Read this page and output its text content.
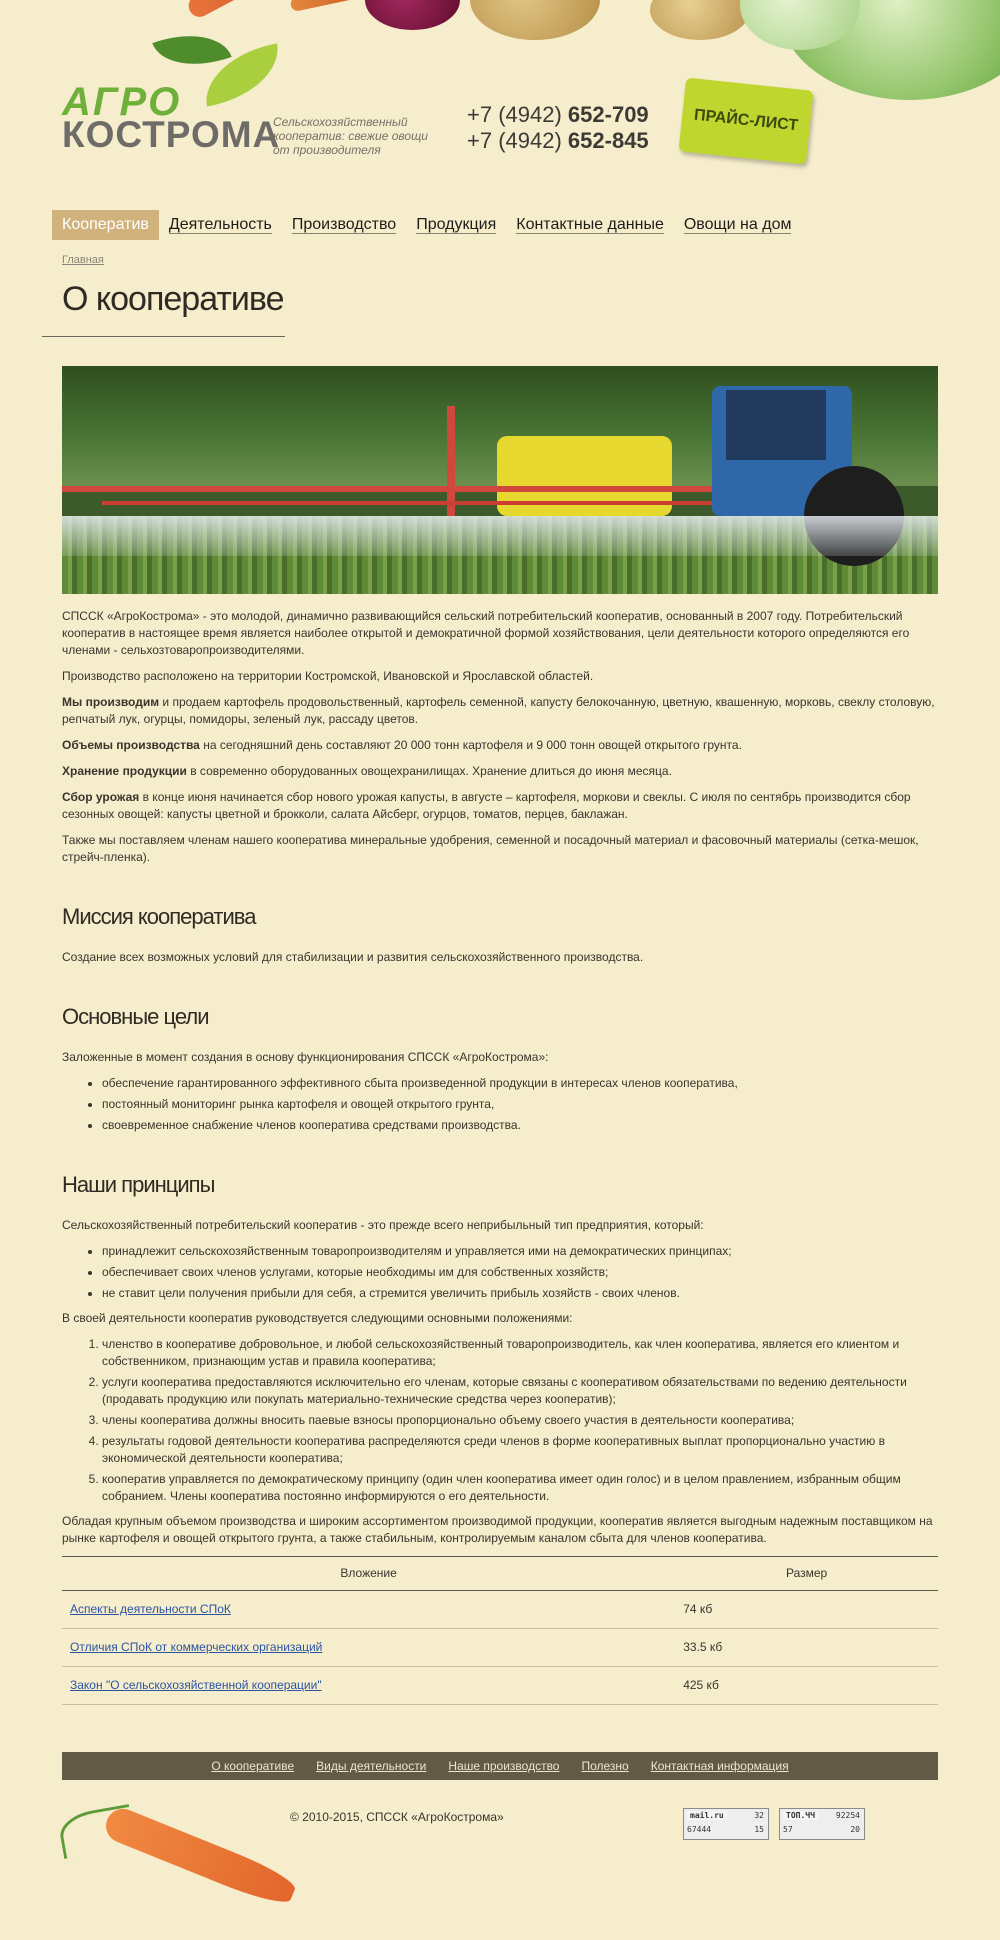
АГРО
КОСТРОМА
Сельскохозяйственный кооператив: свежие овощи от производителя
+7 (4942) 652-709
+7 (4942) 652-845
ПРАЙС-ЛИСТ
Кооператив	Деятельность	Производство	Продукция	Контактные данные	Овощи на дом
Главная
О кооперативе

СПССК «АгроКострома» - это молодой, динамично развивающийся сельский потребительский кооператив, основанный в 2007 году. Потребительский кооператив в настоящее время является наиболее открытой и демократичной формой хозяйствования, цели деятельности которого определяются его членами - сельхозтоваропроизводителями.

Производство расположено на территории Костромской, Ивановской и Ярославской областей.

Мы производим и продаем картофель продовольственный, картофель семенной, капусту белокочанную, цветную, квашенную, морковь, свеклу столовую, репчатый лук, огурцы, помидоры, зеленый лук, рассаду цветов.

Объемы производства на сегодняшний день составляют 20 000 тонн картофеля и 9 000 тонн овощей открытого грунта.

Хранение продукции в современно оборудованных овощехранилищах. Хранение длиться до июня месяца.

Сбор урожая в конце июня начинается сбор нового урожая капусты, в августе – картофеля, моркови и свеклы. С июля по сентябрь производится сбор сезонных овощей: капусты цветной и брокколи, салата Айсберг, огурцов, томатов, перцев, баклажан.

Также мы поставляем членам нашего кооператива минеральные удобрения, семенной и посадочный материал и фасовочный материалы (сетка-мешок, стрейч-пленка).

Миссия кооператива

Создание всех возможных условий для стабилизации и развития сельскохозяйственного производства.

Основные цели

Заложенные в момент создания в основу функционирования СПССК «АгроКострома»:

• обеспечение гарантированного эффективного сбыта произведенной продукции в интересах членов кооператива,
• постоянный мониторинг рынка картофеля и овощей открытого грунта,
• своевременное снабжение членов кооператива средствами производства.
Наши принципы

Сельскохозяйственный потребительский кооператив - это прежде всего неприбыльный тип предприятия, который:

• принадлежит сельскохозяйственным товаропроизводителям и управляется ими на демократических принципах;
• обеспечивает своих членов услугами, которые необходимы им для собственных хозяйств;
• не ставит цели получения прибыли для себя, а стремится увеличить прибыль хозяйств - своих членов.

В своей деятельности кооператив руководствуется следующими основными положениями:

1. членство в кооперативе добровольное, и любой сельскохозяйственный товаропроизводитель, как член кооператива, является его клиентом и собственником, признающим устав и правила кооператива;
2. услуги кооператива предоставляются исключительно его членам, которые связаны с кооперативом обязательствами по ведению деятельности (продавать продукцию или покупать материально-технические средства через кооператив);
3. члены кооператива должны вносить паевые взносы пропорционально объему своего участия в деятельности кооператива;
4. результаты годовой деятельности кооператива распределяются среди членов в форме кооперативных выплат пропорционально участию в экономической деятельности кооператива;
5. кооператив управляется по демократическому принципу (один член кооператива имеет один голос) и в целом правлением, избранным общим собранием. Члены кооператива постоянно информируются о его деятельности.

Обладая крупным объемом производства и широким ассортиментом производимой продукции, кооператив является выгодным надежным поставщиком на рынке картофеля и овощей открытого грунта, а также стабильным, контролируемым каналом сбыта для членов кооператива.

Вложение	Размер
Аспекты деятельности СПоК	74 кб
Отличия СПоК от коммерческих организаций	33.5 кб
Закон "О сельскохозяйственной кооперации"	425 кб
О кооперативе Виды деятельности Наше производство Полезно Контактная информация
© 2010-2015, СПССК «АгроКострома»	mail.ru	32
67444	15
ТОП.ЧЧ	92254
57	20
